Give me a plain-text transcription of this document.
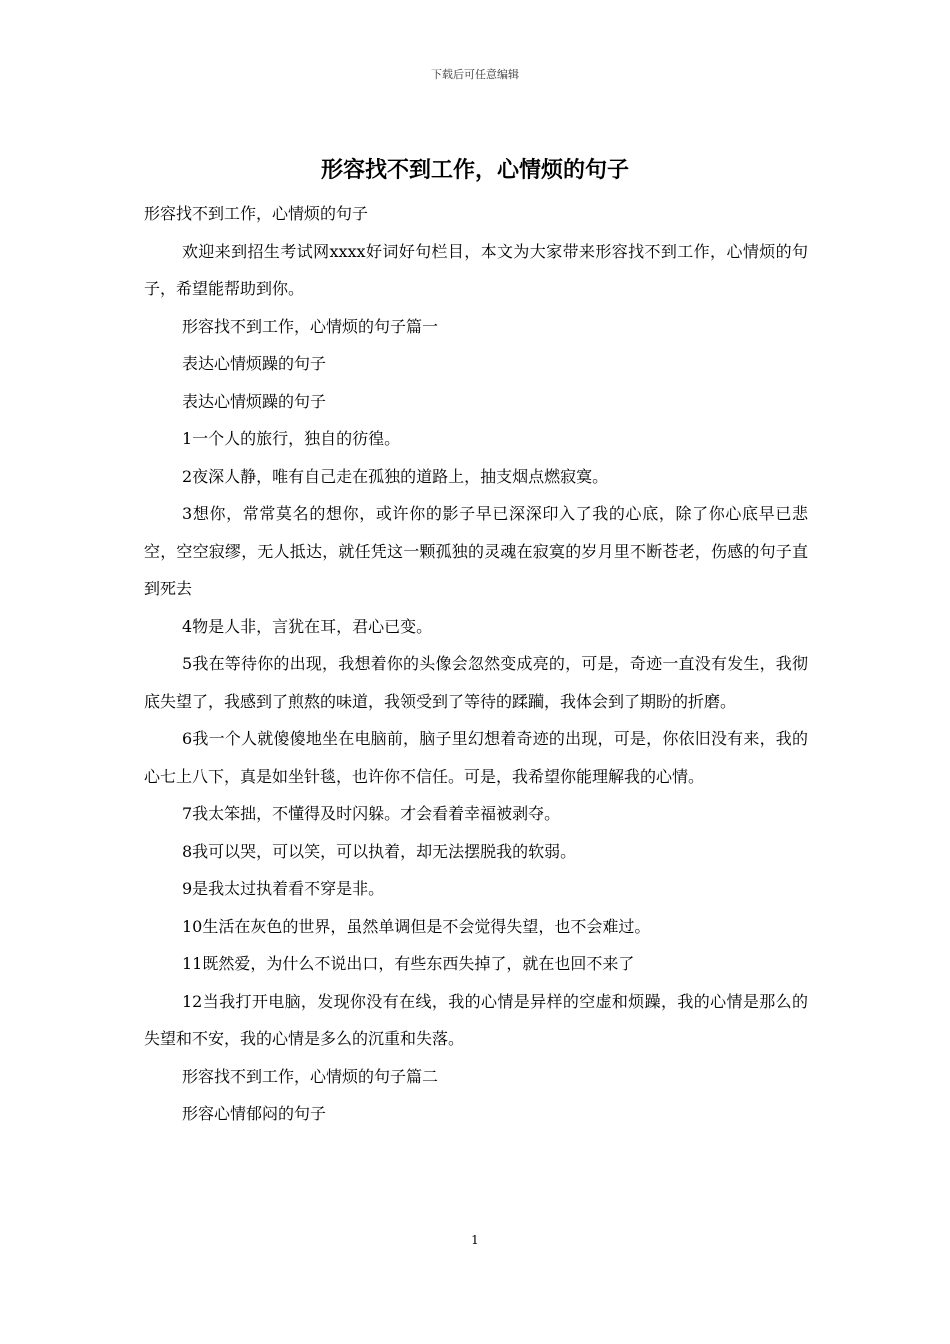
下载后可任意编辑
形容找不到工作，心情烦的句子

形容找不到工作，心情烦的句子

欢迎来到招生考试网xxxx好词好句栏目，本文为大家带来形容找不到工作，心情烦的句子，希望能帮助到你。

形容找不到工作，心情烦的句子篇一

表达心情烦躁的句子

表达心情烦躁的句子

1一个人的旅行，独自的彷徨。

2夜深人静，唯有自己走在孤独的道路上，抽支烟点燃寂寞。

3想你，常常莫名的想你，或许你的影子早已深深印入了我的心底，除了你心底早已悲空，空空寂缪，无人抵达，就任凭这一颗孤独的灵魂在寂寞的岁月里不断苍老，伤感的句子直到死去

4物是人非，言犹在耳，君心已变。

5我在等待你的出现，我想着你的头像会忽然变成亮的，可是，奇迹一直没有发生，我彻底失望了，我感到了煎熬的味道，我领受到了等待的蹂躏，我体会到了期盼的折磨。

6我一个人就傻傻地坐在电脑前，脑子里幻想着奇迹的出现，可是，你依旧没有来，我的心七上八下，真是如坐针毯，也许你不信任。可是，我希望你能理解我的心情。

7我太笨拙，不懂得及时闪躲。才会看着幸福被剥夺。

8我可以哭，可以笑，可以执着，却无法摆脱我的软弱。

9是我太过执着看不穿是非。

10生活在灰色的世界，虽然单调但是不会觉得失望，也不会难过。

11既然爱，为什么不说出口，有些东西失掉了，就在也回不来了

12当我打开电脑，发现你没有在线，我的心情是异样的空虚和烦躁，我的心情是那么的失望和不安，我的心情是多么的沉重和失落。

形容找不到工作，心情烦的句子篇二

形容心情郁闷的句子

1
